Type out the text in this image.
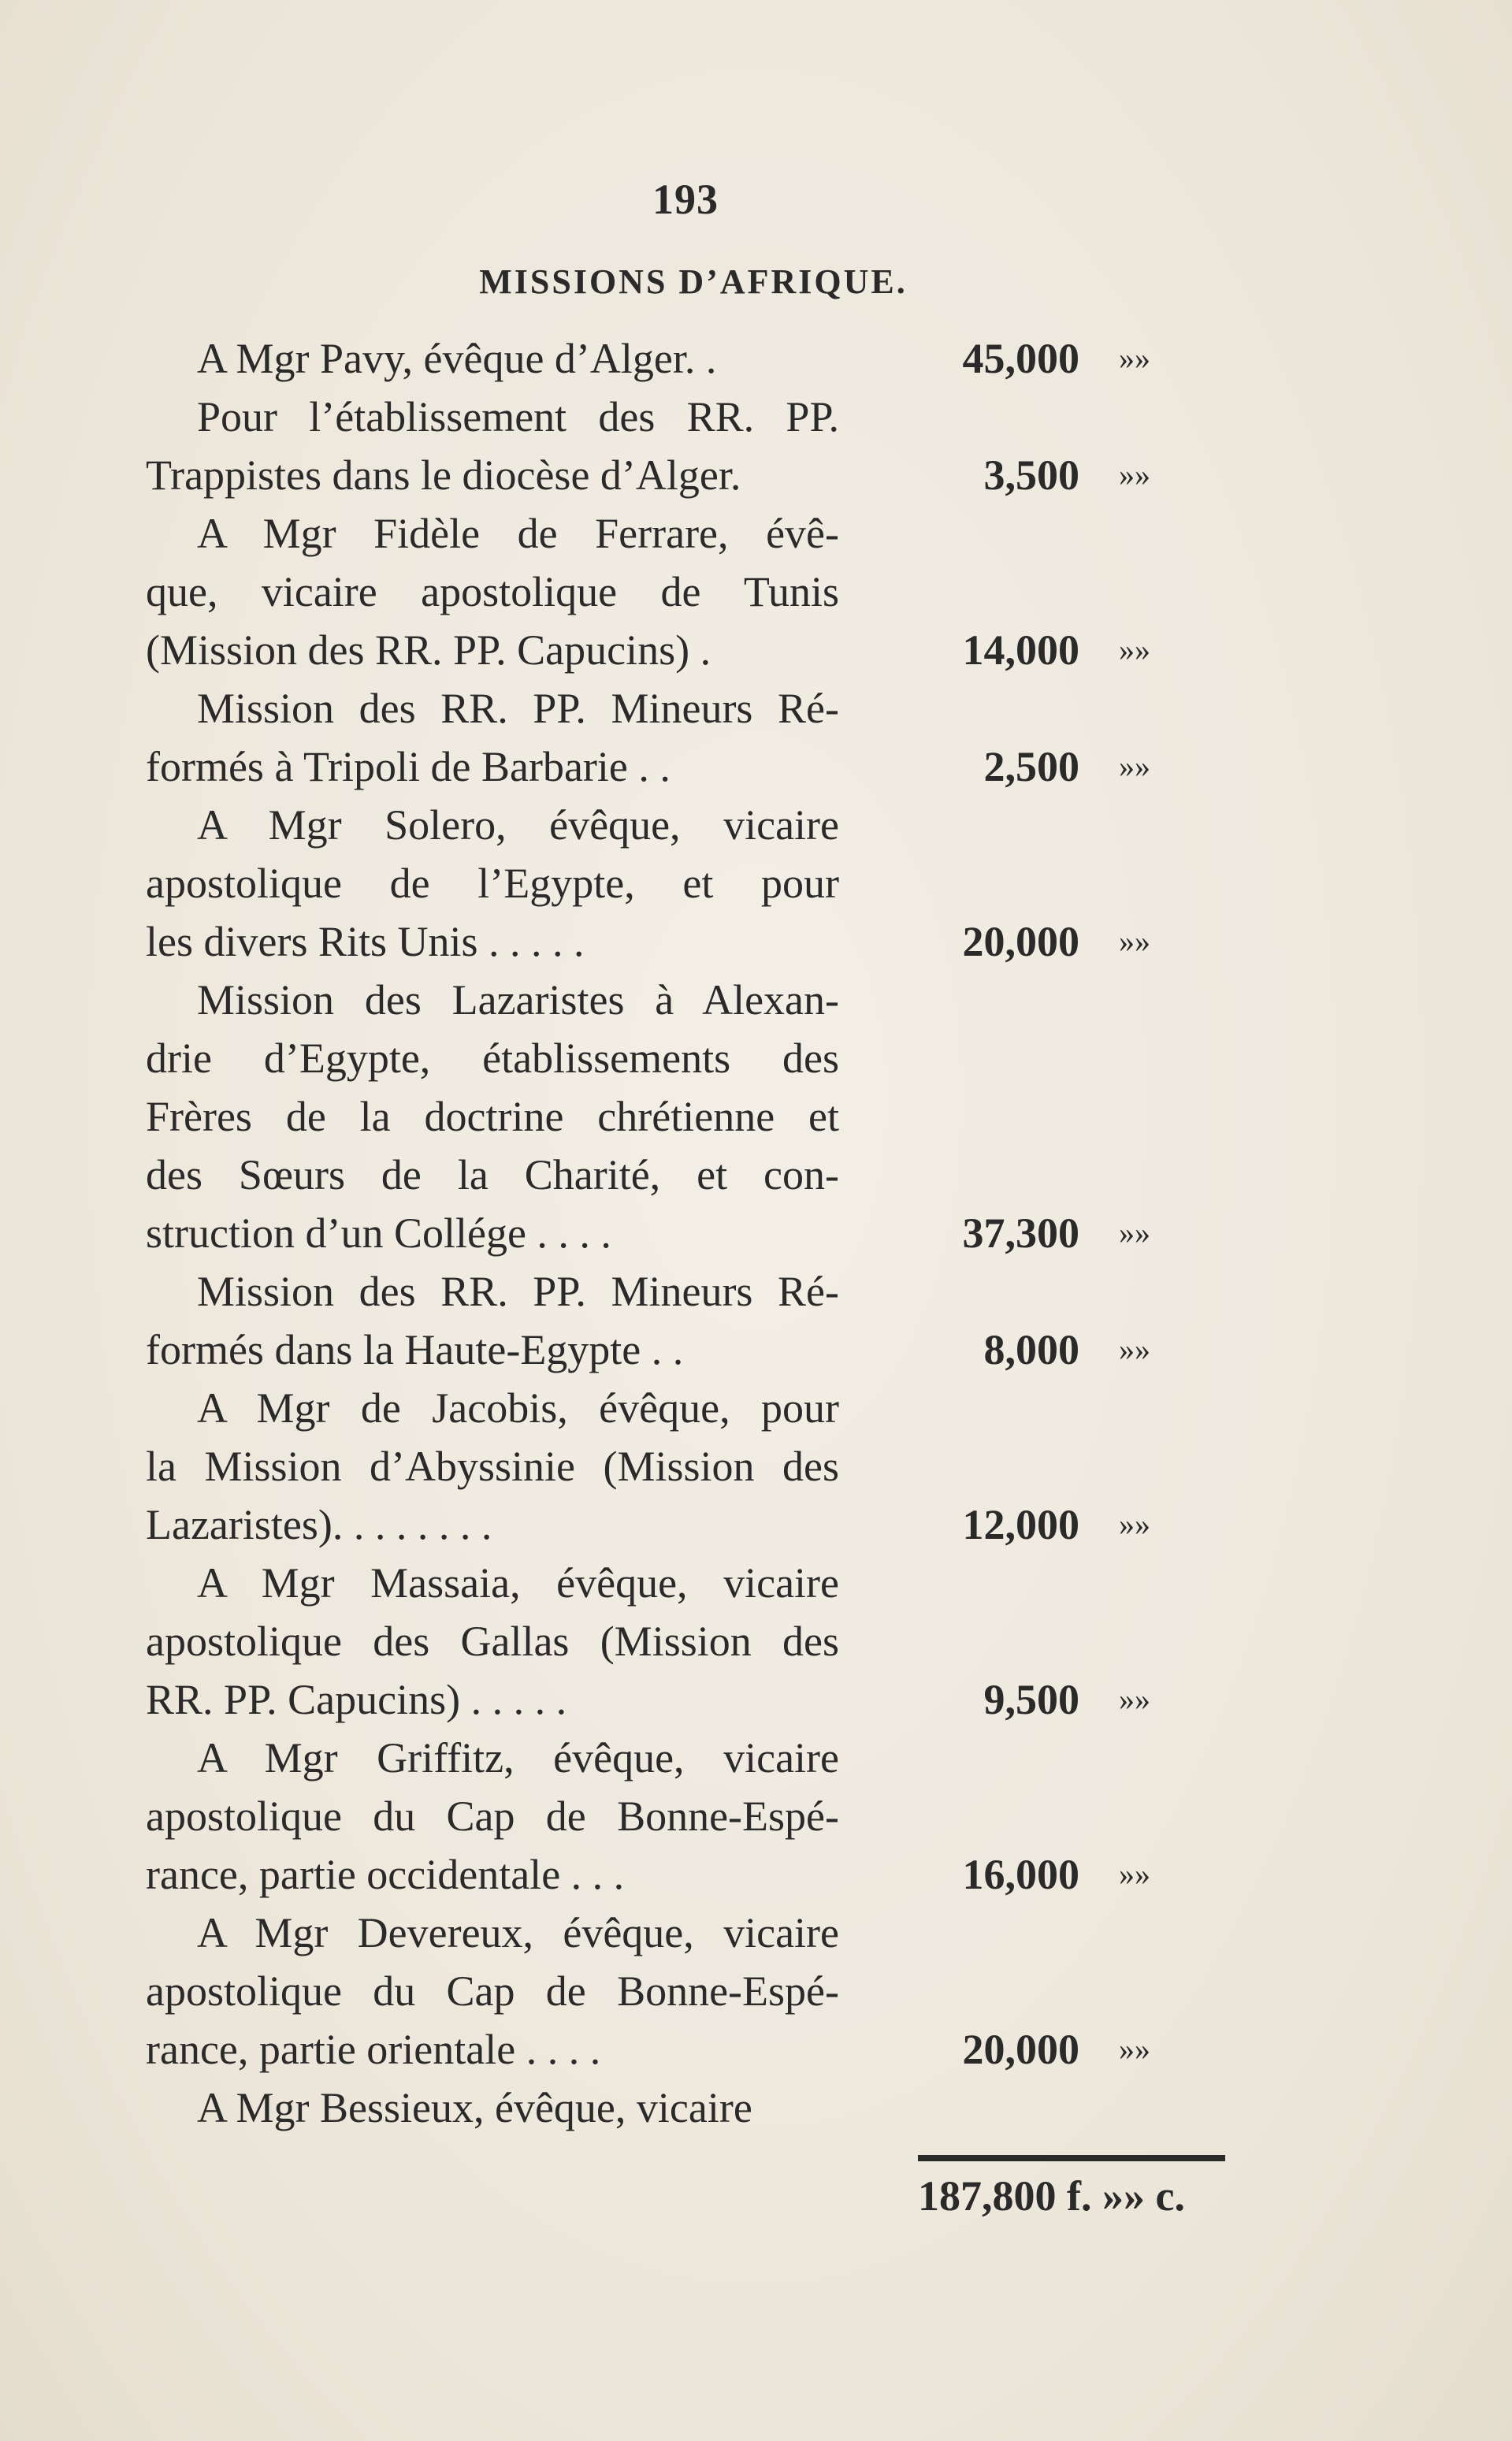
193
MISSIONS D’AFRIQUE.
A Mgr Pavy, évêque d’Alger. .	45,000 »»
Pour l’établissement des RR. PP.
Trappistes dans le diocèse d’Alger.	3,500 »»
A Mgr Fidèle de Ferrare, évê-
que, vicaire apostolique de Tunis
(Mission des RR. PP. Capucins) .	14,000 »»
Mission des RR. PP. Mineurs Ré-
formés à Tripoli de Barbarie . .	2,500 »»
A Mgr Solero, évêque, vicaire
apostolique de l’Egypte, et pour
les divers Rits Unis . . . . .	20,000 »»
Mission des Lazaristes à Alexan-
drie d’Egypte, établissements des
Frères de la doctrine chrétienne et
des Sœurs de la Charité, et con-
struction d’un Collége . . . .	37,300 »»
Mission des RR. PP. Mineurs Ré-
formés dans la Haute-Egypte . .	8,000 »»
A Mgr de Jacobis, évêque, pour
la Mission d’Abyssinie (Mission des
Lazaristes). . . . . . . .	12,000 »»
A Mgr Massaia, évêque, vicaire
apostolique des Gallas (Mission des
RR. PP. Capucins) . . . . .	9,500 »»
A Mgr Griffitz, évêque, vicaire
apostolique du Cap de Bonne-Espé-
rance, partie occidentale . . .	16,000 »»
A Mgr Devereux, évêque, vicaire
apostolique du Cap de Bonne-Espé-
rance, partie orientale . . . .	20,000 »»
A Mgr Bessieux, évêque, vicaire
187,800 f. »» c.
